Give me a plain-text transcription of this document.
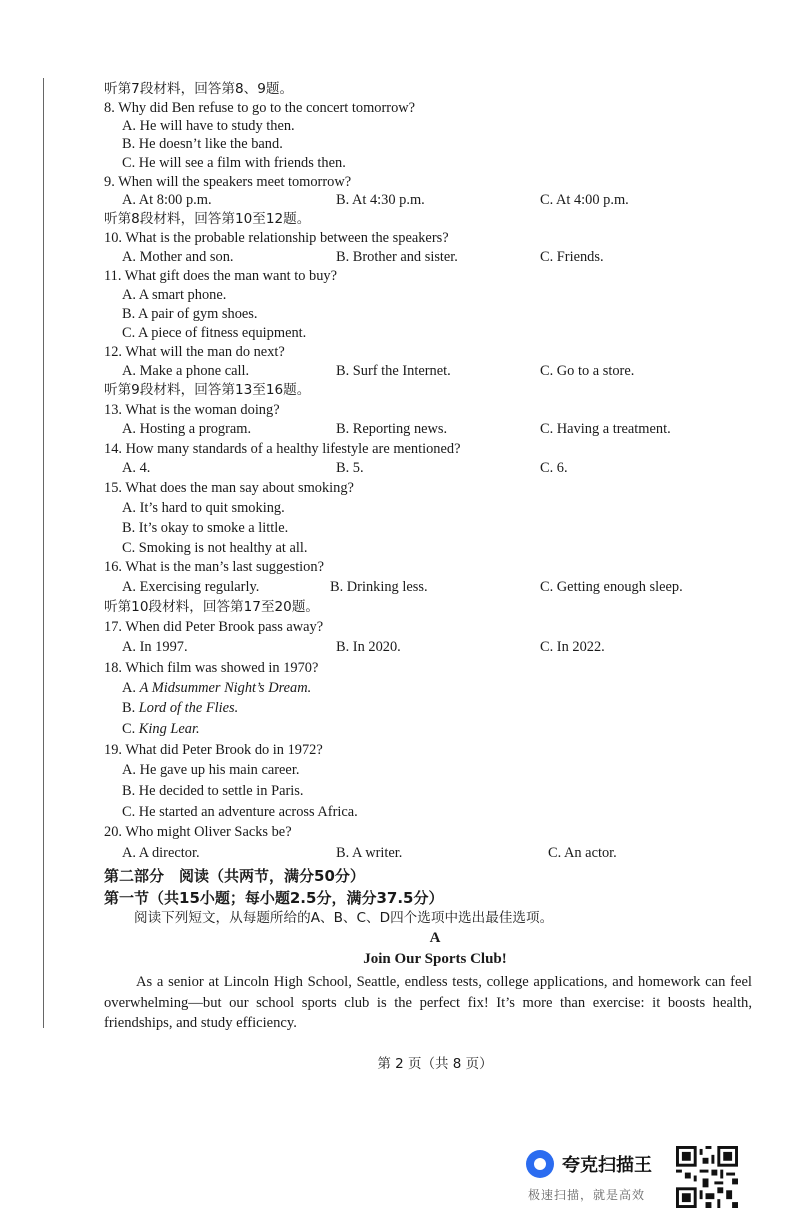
听第7段材料，回答第8、9题。
8. Why did Ben refuse to go to the concert tomorrow?
A. He will have to study then.
B. He doesn’t like the band.
C. He will see a film with friends then.
9. When will the speakers meet tomorrow?
A. At 8:00 p.m.	B. At 4:30 p.m.	C. At 4:00 p.m.
听第8段材料，回答第10至12题。
10. What is the probable relationship between the speakers?
A. Mother and son.	B. Brother and sister.	C. Friends.
11. What gift does the man want to buy?
A. A smart phone.
B. A pair of gym shoes.
C. A piece of fitness equipment.
12. What will the man do next?
A. Make a phone call.	B. Surf the Internet.	C. Go to a store.
听第9段材料，回答第13至16题。
13. What is the woman doing?
A. Hosting a program.	B. Reporting news.	C. Having a treatment.
14. How many standards of a healthy lifestyle are mentioned?
A. 4.	B. 5.	C. 6.
15. What does the man say about smoking?
A. It’s hard to quit smoking.
B. It’s okay to smoke a little.
C. Smoking is not healthy at all.
16. What is the man’s last suggestion?
A. Exercising regularly.	B. Drinking less.	C. Getting enough sleep.
听第10段材料，回答第17至20题。
17. When did Peter Brook pass away?
A. In 1997.	B. In 2020.	C. In 2022.
18. Which film was showed in 1970?
A. A Midsummer Night’s Dream.
B. Lord of the Flies.
C. King Lear.
19. What did Peter Brook do in 1972?
A. He gave up his main career.
B. He decided to settle in Paris.
C. He started an adventure across Africa.
20. Who might Oliver Sacks be?
A. A director.	B. A writer.	C. An actor.
第二部分　阅读（共两节，满分50分）
第一节（共15小题；每小题2.5分，满分37.5分）
阅读下列短文，从每题所给的A、B、C、D四个选项中选出最佳选项。
A
Join Our Sports Club!
As a senior at Lincoln High School, Seattle, endless tests, college applications, and homework can feel overwhelming—but our school sports club is the perfect fix! It’s more than exercise: it boosts health, friendships, and study efficiency.
第 2 页（共 8 页）
夸克扫描王
极速扫描，就是高效
